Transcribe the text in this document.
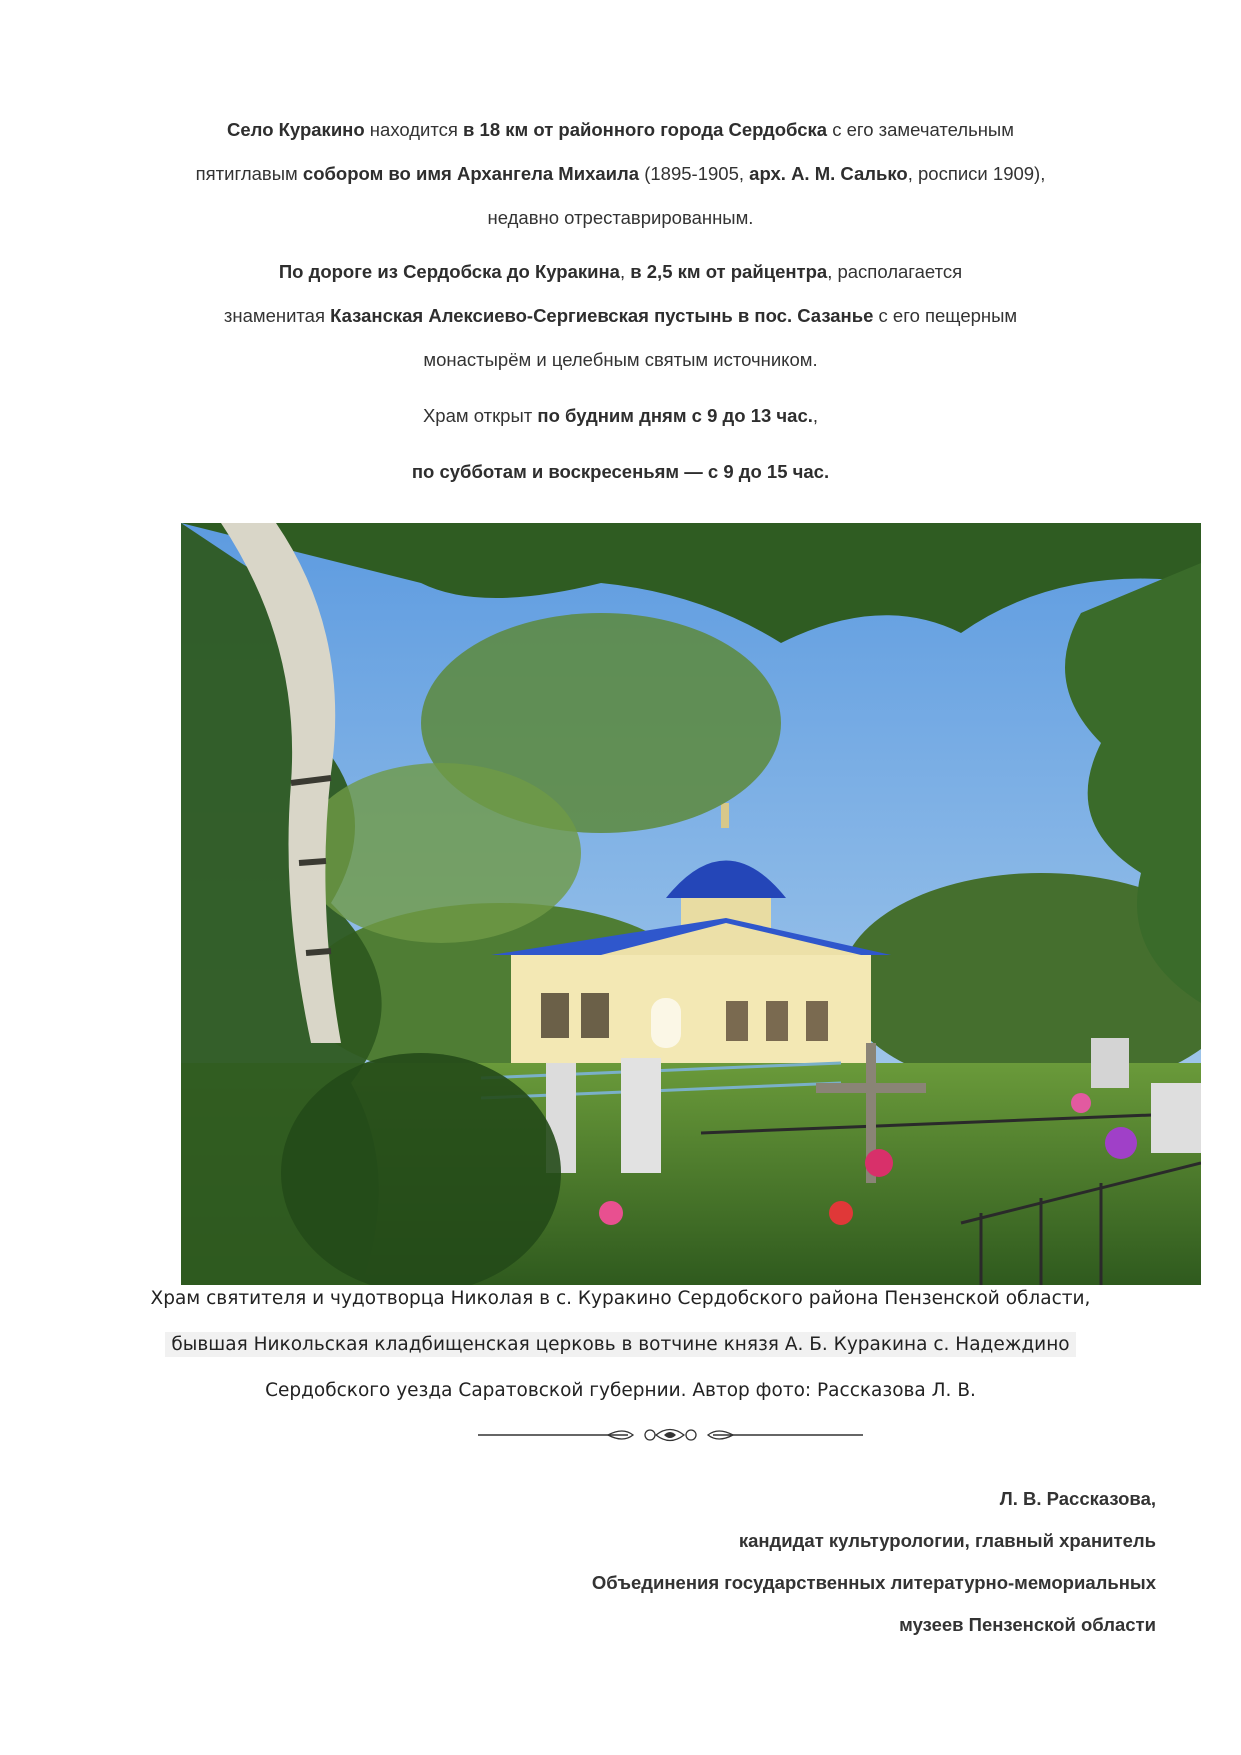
Село Куракино находится в 18 км от районного города Сердобска с его замечательным
пятиглавым собором во имя Архангела Михаила (1895-1905, арх. А. М. Салько, росписи 1909),
недавно отреставрированным.
По дороге из Сердобска до Куракина, в 2,5 км от райцентра, располагается
знаменитая Казанская Алексиево-Сергиевская пустынь в пос. Сазанье с его пещерным
монастырём и целебным святым источником.
Храм открыт по будним дням с 9 до 13 час.,
по субботам и воскресеньям — с 9 до 15 час.
Храм святителя и чудотворца Николая в с. Куракино Сердобского района Пензенской области,
бывшая Никольская кладбищенская церковь в вотчине князя А. Б. Куракина с. Надеждино
Сердобского уезда Саратовской губернии. Автор фото: Рассказова Л. В.
Л. В. Рассказова,
кандидат культурологии, главный хранитель
Объединения государственных литературно-мемориальных
музеев Пензенской области
